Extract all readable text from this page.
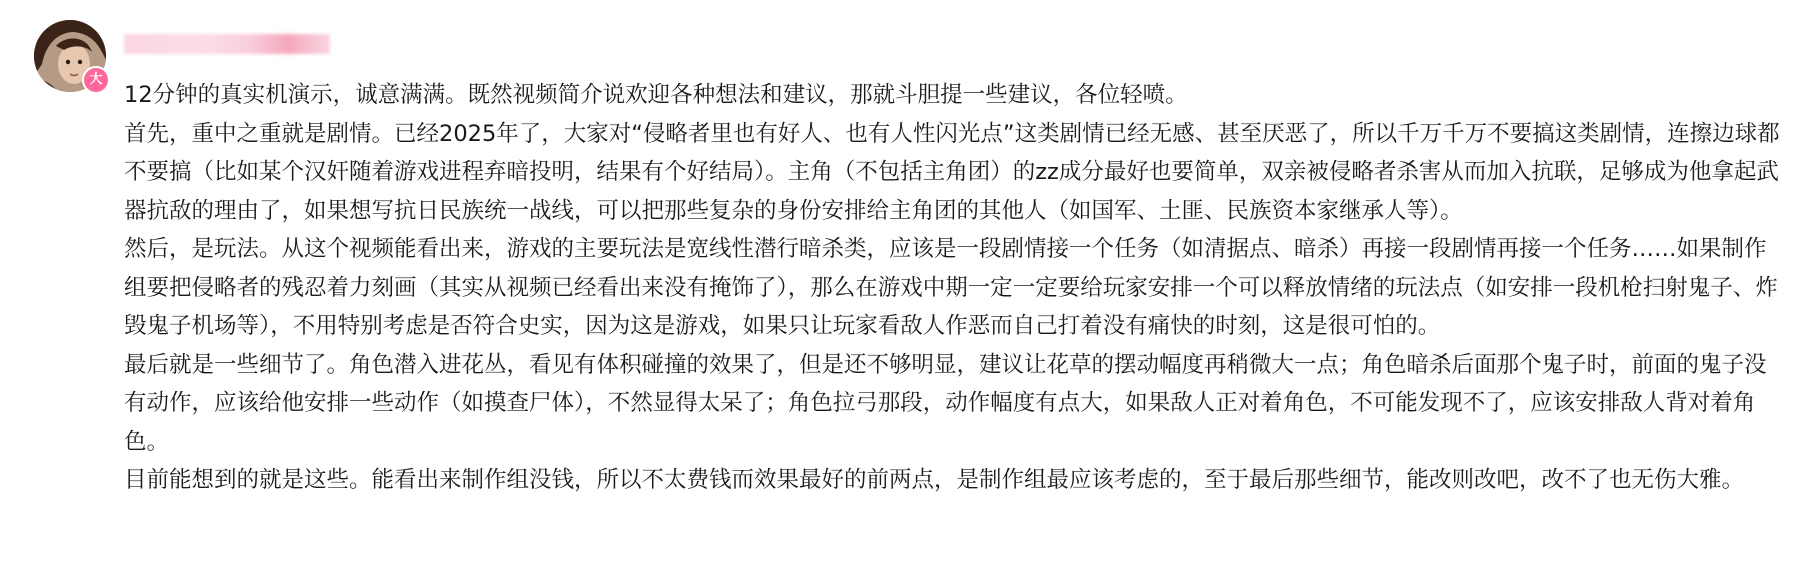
大

12分钟的真实机演示，诚意满满。既然视频简介说欢迎各种想法和建议，那就斗胆提一些建议，各位轻喷。

首先，重中之重就是剧情。已经2025年了，大家对“侵略者里也有好人、也有人性闪光点”这类剧情已经无感、甚至厌恶了，所以千万千万不要搞这类剧情，连擦边球都不要搞（比如某个汉奸随着游戏进程弃暗投明，结果有个好结局）。主角（不包括主角团）的zz成分最好也要简单，双亲被侵略者杀害从而加入抗联，足够成为他拿起武器抗敌的理由了，如果想写抗日民族统一战线，可以把那些复杂的身份安排给主角团的其他人（如国军、土匪、民族资本家继承人等）。

然后，是玩法。从这个视频能看出来，游戏的主要玩法是宽线性潜行暗杀类，应该是一段剧情接一个任务（如清据点、暗杀）再接一段剧情再接一个任务……如果制作组要把侵略者的残忍着力刻画（其实从视频已经看出来没有掩饰了），那么在游戏中期一定一定要给玩家安排一个可以释放情绪的玩法点（如安排一段机枪扫射鬼子、炸毁鬼子机场等），不用特别考虑是否符合史实，因为这是游戏，如果只让玩家看敌人作恶而自己打着没有痛快的时刻，这是很可怕的。

最后就是一些细节了。角色潜入进花丛，看见有体积碰撞的效果了，但是还不够明显，建议让花草的摆动幅度再稍微大一点；角色暗杀后面那个鬼子时，前面的鬼子没有动作，应该给他安排一些动作（如摸查尸体），不然显得太呆了；角色拉弓那段，动作幅度有点大，如果敌人正对着角色，不可能发现不了，应该安排敌人背对着角色。

目前能想到的就是这些。能看出来制作组没钱，所以不太费钱而效果最好的前两点，是制作组最应该考虑的，至于最后那些细节，能改则改吧，改不了也无伤大雅。
